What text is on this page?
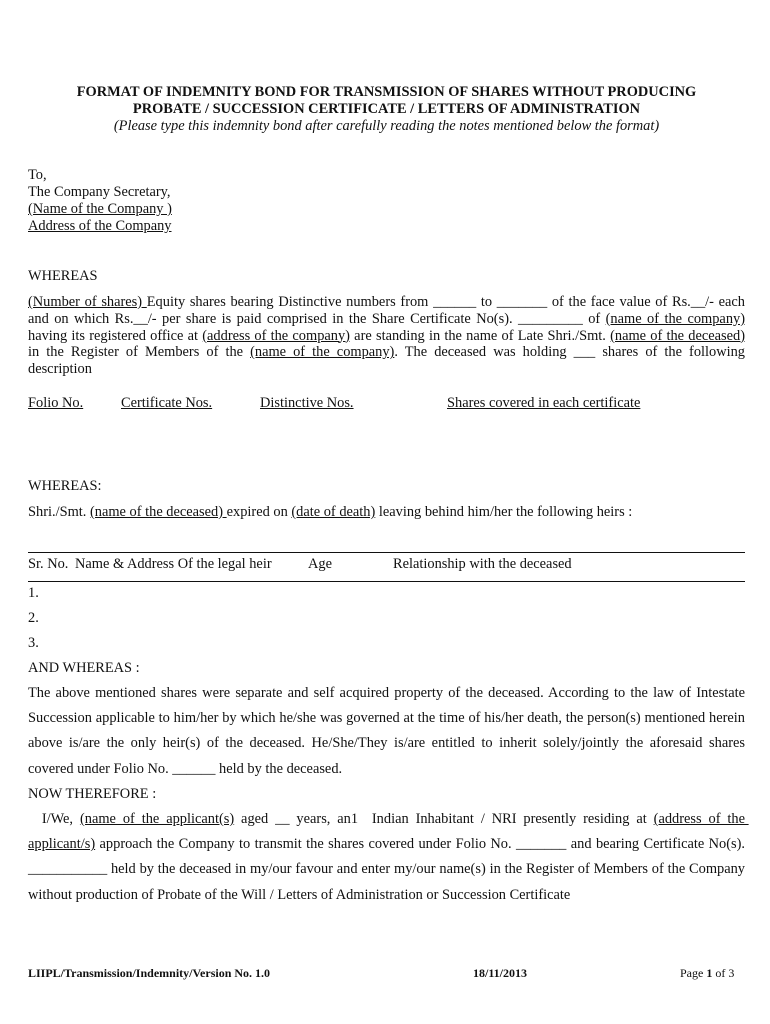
FORMAT OF INDEMNITY BOND FOR TRANSMISSION OF SHARES WITHOUT PRODUCING
PROBATE / SUCCESSION CERTIFICATE / LETTERS OF ADMINISTRATION
(Please type this indemnity bond after carefully reading the notes mentioned below the format)
To,
The Company Secretary,
(Name of the Company )
Address of the Company
WHEREAS
(Number of shares) Equity shares bearing Distinctive numbers from ______ to _______ of the face value of Rs.__/- each and on which Rs.__/- per share is paid comprised in the Share Certificate No(s). _________ of (name of the company) having its registered office at (address of the company) are standing in the name of Late Shri./Smt. (name of the deceased) in the Register of Members of the (name of the company). The deceased was holding ___ shares of the following description
Folio No.	Certificate Nos.	Distinctive Nos.	Shares covered in each certificate
WHEREAS:
Shri./Smt. (name of the deceased) expired on (date of death) leaving behind him/her the following heirs :
Sr. No. Name & Address Of the legal heir	Age	Relationship with the deceased
1.
2.
3.
AND WHEREAS :
The above mentioned shares were separate and self acquired property of the deceased. According to the law of Intestate Succession applicable to him/her by which he/she was governed at the time of his/her death, the person(s) mentioned herein above is/are the only heir(s) of the deceased. He/She/They is/are entitled to inherit solely/jointly the aforesaid shares covered under Folio No. ______ held by the deceased.
NOW THEREFORE :
I/We, (name of the applicant(s) aged __ years, an1  Indian Inhabitant / NRI presently residing at (address of the applicant/s) approach the Company to transmit the shares covered under Folio No. _______ and bearing Certificate No(s). ___________ held by the deceased in my/our favour and enter my/our name(s) in the Register of Members of the Company without production of Probate of the Will / Letters of Administration or Succession Certificate
LIIPL/Transmission/Indemnity/Version No. 1.0	18/11/2013	Page 1 of 3
